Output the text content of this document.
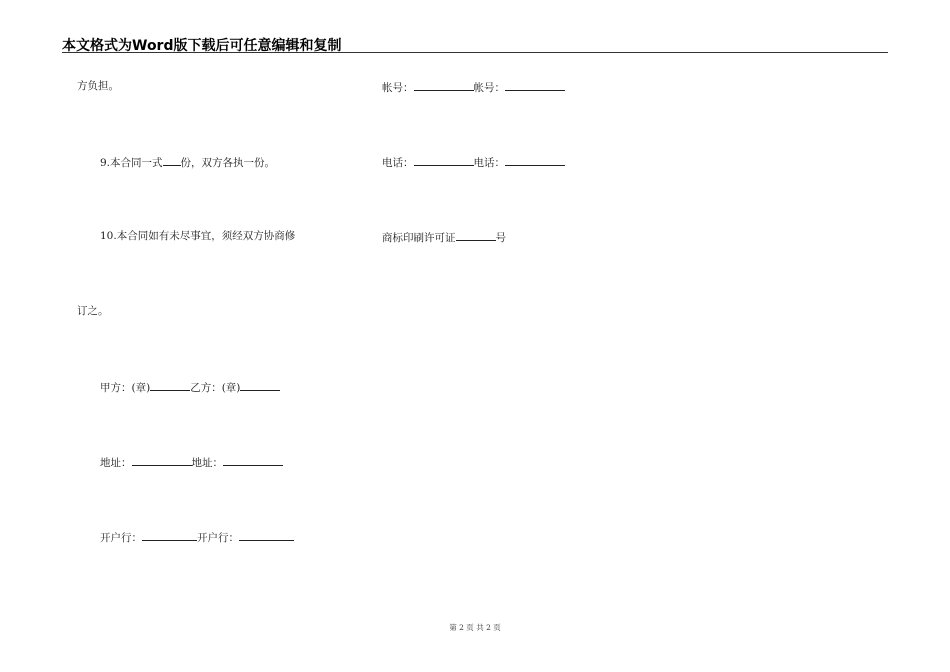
本文格式为Word版下载后可任意编辑和复制
方负担。	帐号：	帐号：
9.本合同一式 份，双方各执一份。	电话：	电话：
10.本合同如有未尽事宜，须经双方协商修	商标印刷许可证	号
订之。
甲方：(章)	乙方：(章)
地址：	地址：
开户行：	开户行：
第 2 页 共 2 页
